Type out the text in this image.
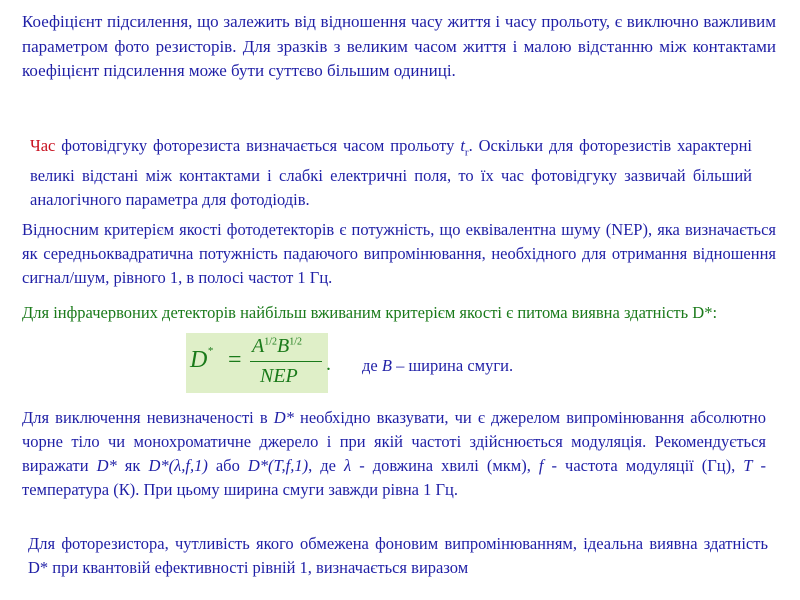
Коефіцієнт підсилення, що залежить від відношення часу життя і часу прольоту, є виключно важливим параметром фото резисторів. Для зразків з великим часом життя і малою відстанню між контактами коефіцієнт підсилення може бути суттєво більшим одиниці.

Час фотовідгуку фоторезиста визначається часом прольоту $t_r$. Оскільки для фоторезистів характерні великі відстані між контактами і слабкі електричні поля, то їх час фотовідгуку зазвичай більший аналогічного параметра для фотодіодів.

Відносним критерієм якості фотодетекторів є потужність, що еквівалентна шуму (NEP), яка визначається як середньоквадратична потужність падаючого випромінювання, необхідного для отримання відношення сигнал/шум, рівного 1, в полосі частот 1 Гц.

Для інфрачервоних детекторів найбільш вживаним критерієм якості є питома виявна здатність D*:

D* =
$A^{1/2}B^{1/2}$
NEP
. де B – ширина смуги.

Для виключення невизначеності в D* необхідно вказувати, чи є джерелом випромінювання абсолютно чорне тіло чи монохроматичне джерело і при якій частоті здійснюється модуляція. Рекомендується виражати D* як D*(λ,f,1) або D*(T,f,1), де λ - довжина хвилі (мкм), f - частота модуляції (Гц), T - температура (К). При цьому ширина смуги завжди рівна 1 Гц.

Для фоторезистора, чутливість якого обмежена фоновим випромінюванням, ідеальна виявна здатність D* при квантовій ефективності рівній 1, визначається виразом
